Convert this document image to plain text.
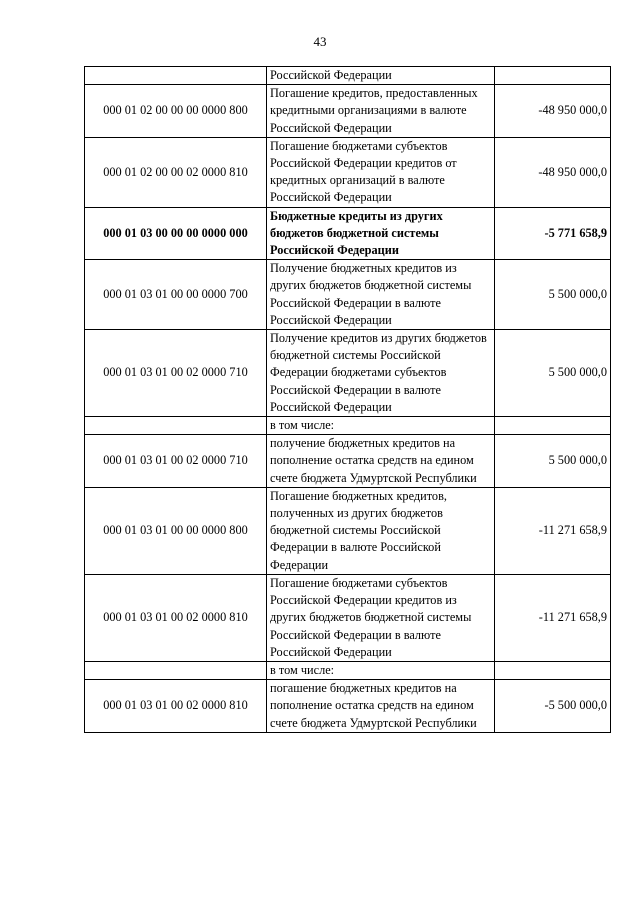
43
	Российской Федерации	
000 01 02 00 00 00 0000 800	Погашение кредитов, предоставленных кредитными организациями в валюте Российской Федерации	-48 950 000,0
000 01 02 00 00 02 0000 810	Погашение бюджетами субъектов Российской Федерации кредитов от кредитных организаций в валюте Российской Федерации	-48 950 000,0
000 01 03 00 00 00 0000 000	Бюджетные кредиты из других бюджетов бюджетной системы Российской Федерации	-5 771 658,9
000 01 03 01 00 00 0000 700	Получение бюджетных кредитов из других бюджетов бюджетной системы Российской Федерации в валюте Российской Федерации	5 500 000,0
000 01 03 01 00 02 0000 710	Получение кредитов из других бюджетов бюджетной системы Российской Федерации бюджетами субъектов Российской Федерации в валюте Российской Федерации	5 500 000,0
	в том числе:	
000 01 03 01 00 02 0000 710	получение бюджетных кредитов на пополнение остатка средств на едином счете бюджета Удмуртской Республики	5 500 000,0
000 01 03 01 00 00 0000 800	Погашение бюджетных кредитов, полученных из других бюджетов бюджетной системы Российской Федерации в валюте Российской Федерации	-11 271 658,9
000 01 03 01 00 02 0000 810	Погашение бюджетами субъектов Российской Федерации кредитов из других бюджетов бюджетной системы Российской Федерации в валюте Российской Федерации	-11 271 658,9
	в том числе:	
000 01 03 01 00 02 0000 810	погашение бюджетных кредитов на пополнение остатка средств на едином счете бюджета Удмуртской Республики	-5 500 000,0
